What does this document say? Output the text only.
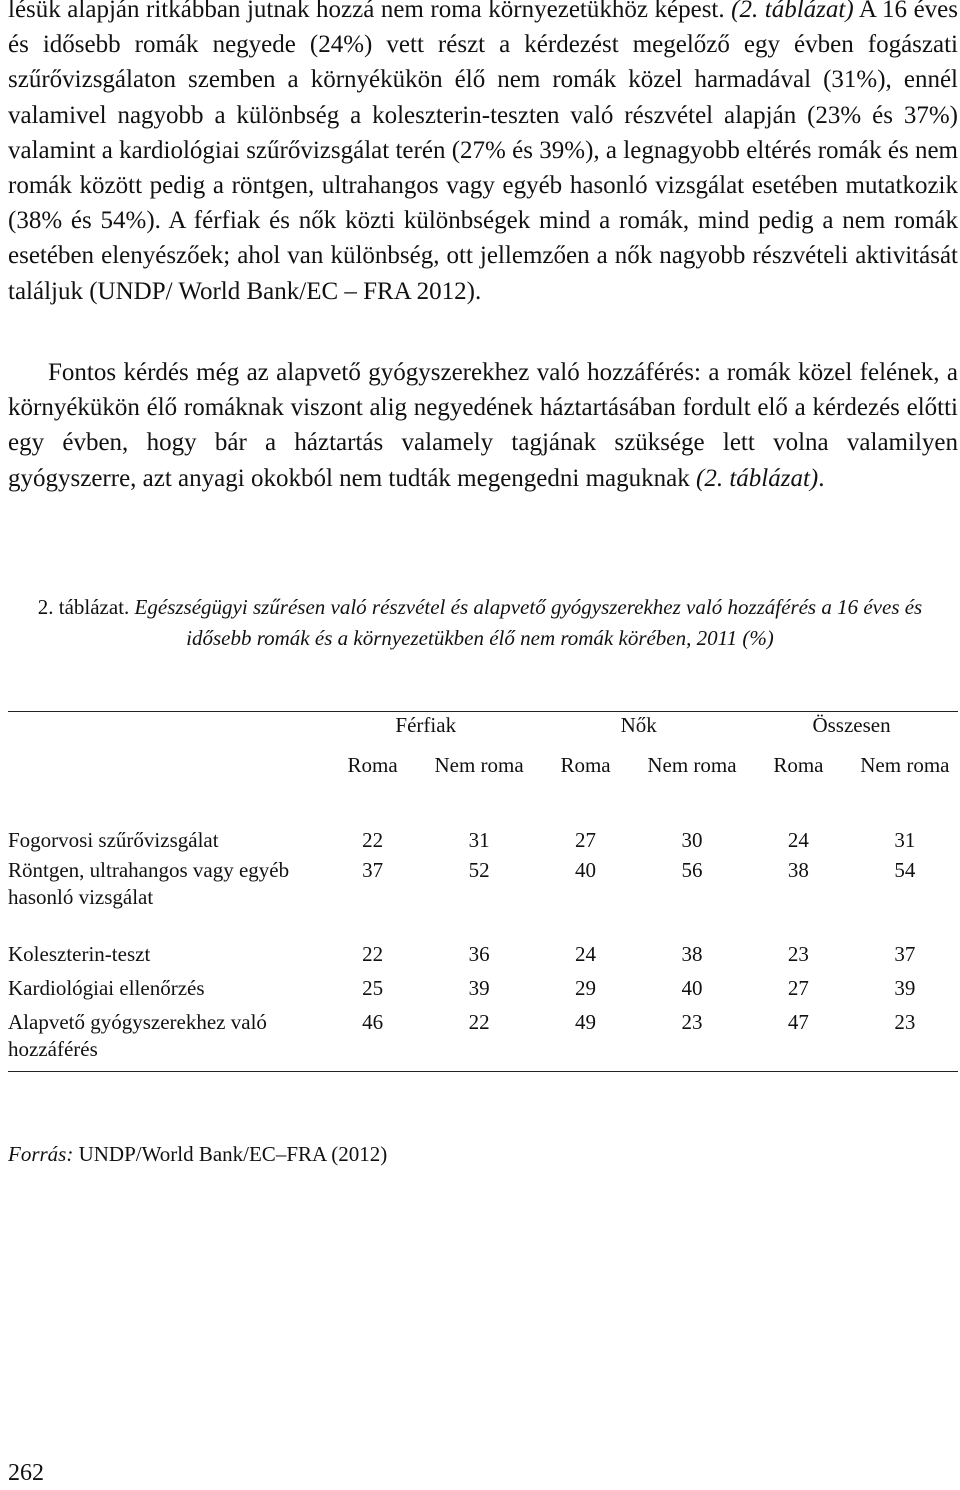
lésük alapján ritkábban jutnak hozzá nem roma környezetükhöz képest. (2. táblázat) A 16 éves és idősebb romák negyede (24%) vett részt a kérdezést megelőző egy évben fogászati szűrővizsgálaton szemben a környékükön élő nem romák közel harmadával (31%), ennél valamivel nagyobb a különbség a koleszterin-teszten való részvétel alapján (23% és 37%) valamint a kardiológiai szűrővizsgálat terén (27% és 39%), a legnagyobb eltérés romák és nem romák között pedig a röntgen, ultrahangos vagy egyéb hasonló vizsgálat esetében mutatkozik (38% és 54%). A férfiak és nők közti különbségek mind a romák, mind pedig a nem romák esetében elenyészőek; ahol van különbség, ott jellemzően a nők nagyobb részvételi aktivitását találjuk (UNDP/ World Bank/EC – FRA 2012).

Fontos kérdés még az alapvető gyógyszerekhez való hozzáférés: a romák közel felének, a környékükön élő romáknak viszont alig negyedének háztartásában fordult elő a kérdezés előtti egy évben, hogy bár a háztartás valamely tagjának szüksége lett volna valamilyen gyógyszerre, azt anyagi okokból nem tudták megengedni maguknak (2. táblázat).

2. táblázat. Egészségügyi szűrésen való részvétel és alapvető gyógyszerekhez való hozzáférés a 16 éves és idősebb romák és a környezetükben élő nem romák körében, 2011 (%)

	Férfiak		Nők		Összesen	
	Roma	Nem roma	Roma	Nem roma	Roma	Nem roma
Fogorvosi szűrővizsgálat	22	31	27	30	24	31
Röntgen, ultrahangos vagy egyéb hasonló vizsgálat	37	52	40	56	38	54
Koleszterin-teszt	22	36	24	38	23	37
Kardiológiai ellenőrzés	25	39	29	40	27	39
Alapvető gyógyszerekhez való hozzáférés	46	22	49	23	47	23

Forrás: UNDP/World Bank/EC–FRA (2012)

262
